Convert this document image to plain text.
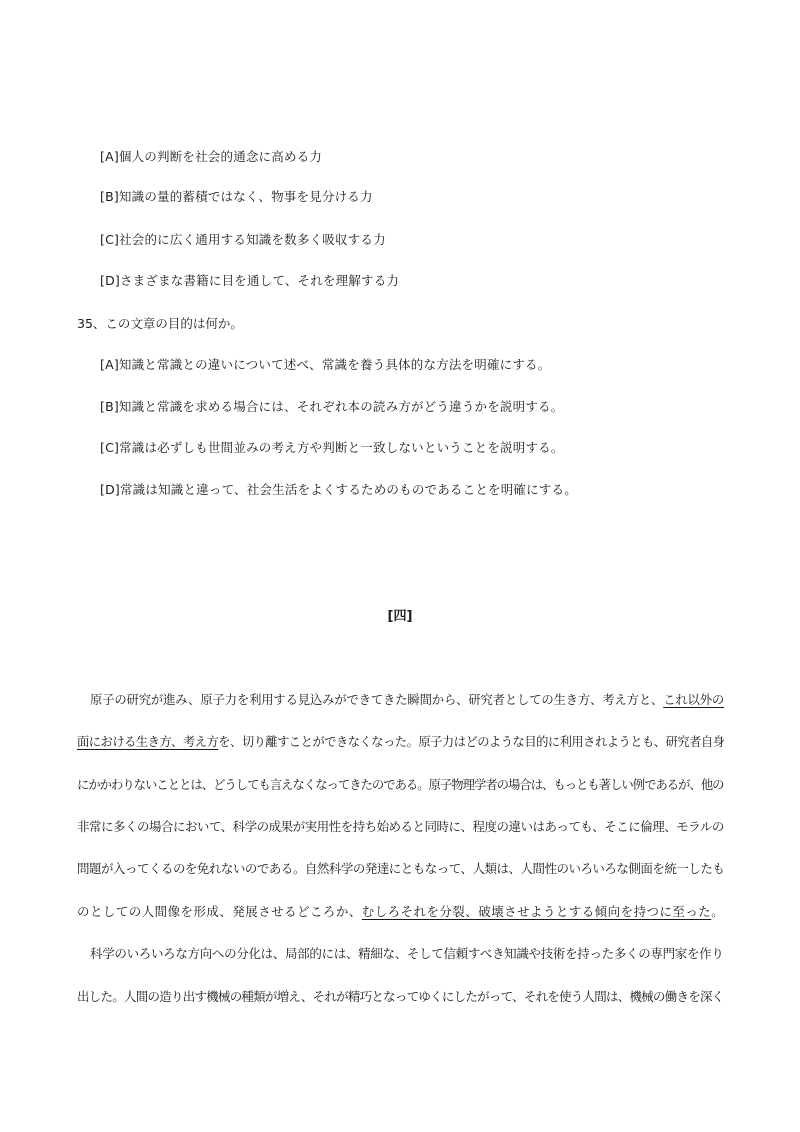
[A]個人の判断を社会的通念に高める力
[B]知識の量的蓄積ではなく、物事を見分ける力
[C]社会的に広く通用する知識を数多く吸収する力
[D]さまざまな書籍に目を通して、それを理解する力
35、この文章の目的は何か。
[A]知識と常識との違いについて述べ、常識を養う具体的な方法を明確にする。
[B]知識と常識を求める場合には、それぞれ本の読み方がどう違うかを説明する。
[C]常識は必ずしも世間並みの考え方や判断と一致しないということを説明する。
[D]常識は知識と違って、社会生活をよくするためのものであることを明確にする。
[四]
原子の研究が進み、原子力を利用する見込みができてきた瞬間から、研究者としての生き方、考え方と、これ以外の
面における生き方、考え方を、切り離すことができなくなった。原子力はどのような目的に利用されようとも、研究者自身
にかかわりないこととは、どうしても言えなくなってきたのである。原子物理学者の場合は、もっとも著しい例であるが、他の
非常に多くの場合において、科学の成果が実用性を持ち始めると同時に、程度の違いはあっても、そこに倫理、モラルの
問題が入ってくるのを免れないのである。自然科学の発達にともなって、人類は、人間性のいろいろな側面を統一したも
のとしての人間像を形成、発展させるどころか、むしろそれを分裂、破壊させようとする傾向を持つに至った。
科学のいろいろな方向への分化は、局部的には、精細な、そして信頼すべき知識や技術を持った多くの専門家を作り
出した。人間の造り出す機械の種類が増え、それが精巧となってゆくにしたがって、それを使う人間は、機械の働きを深く
